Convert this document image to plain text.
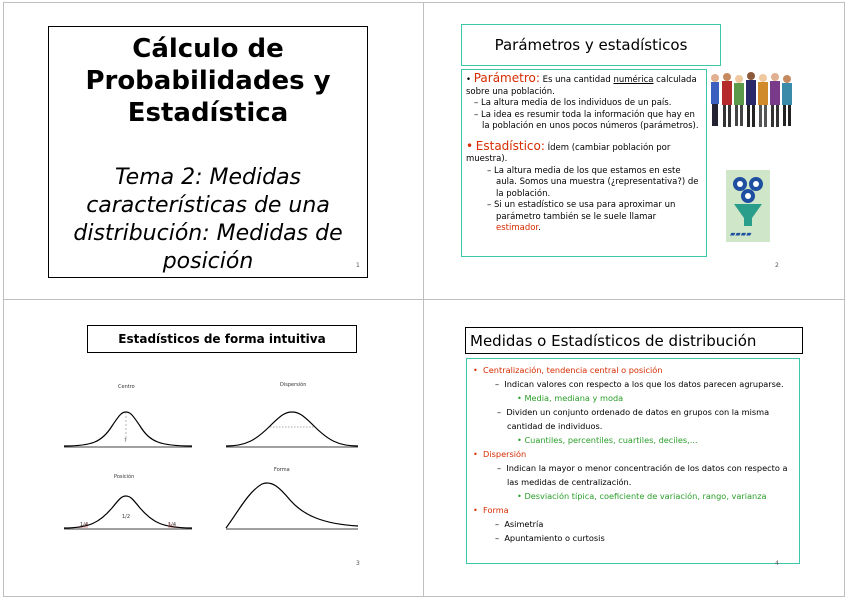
Cálculo de Probabilidades y Estadística
Tema 2: Medidas características de una distribución: Medidas de posición	1
Parámetros y estadísticos

• Parámetro: Es una cantidad numérica calculada sobre una población.

– La altura media de los individuos de un país.

– La idea es resumir toda la información que hay en la población en unos pocos números (parámetros).

• Estadístico: Ídem (cambiar población por muestra).

– La altura media de los que estamos en este aula. Somos una muestra (¿representativa?) de la población.

– Si un estadístico se usa para aproximar un parámetro también se le suele llamar estimador.

▰▰▰▰
2
Estadísticos de forma intuitiva
Centro
?
Dispersión
Posición
1/4
1/2
1/4
Forma
3
Medidas o Estadísticos de distribución

•  Centralización, tendencia central o posición

–  Indican valores con respecto a los que los datos parecen agruparse.

• Media, mediana y moda

–  Dividen un conjunto ordenado de datos en grupos con la misma cantidad de individuos.

• Cuantiles, percentiles, cuartiles, deciles,...

•  Dispersión

–  Indican la mayor o menor concentración de los datos con respecto a las medidas de centralización.

• Desviación típica, coeficiente de variación, rango, varianza

•  Forma

–  Asimetría

–  Apuntamiento o curtosis

4
